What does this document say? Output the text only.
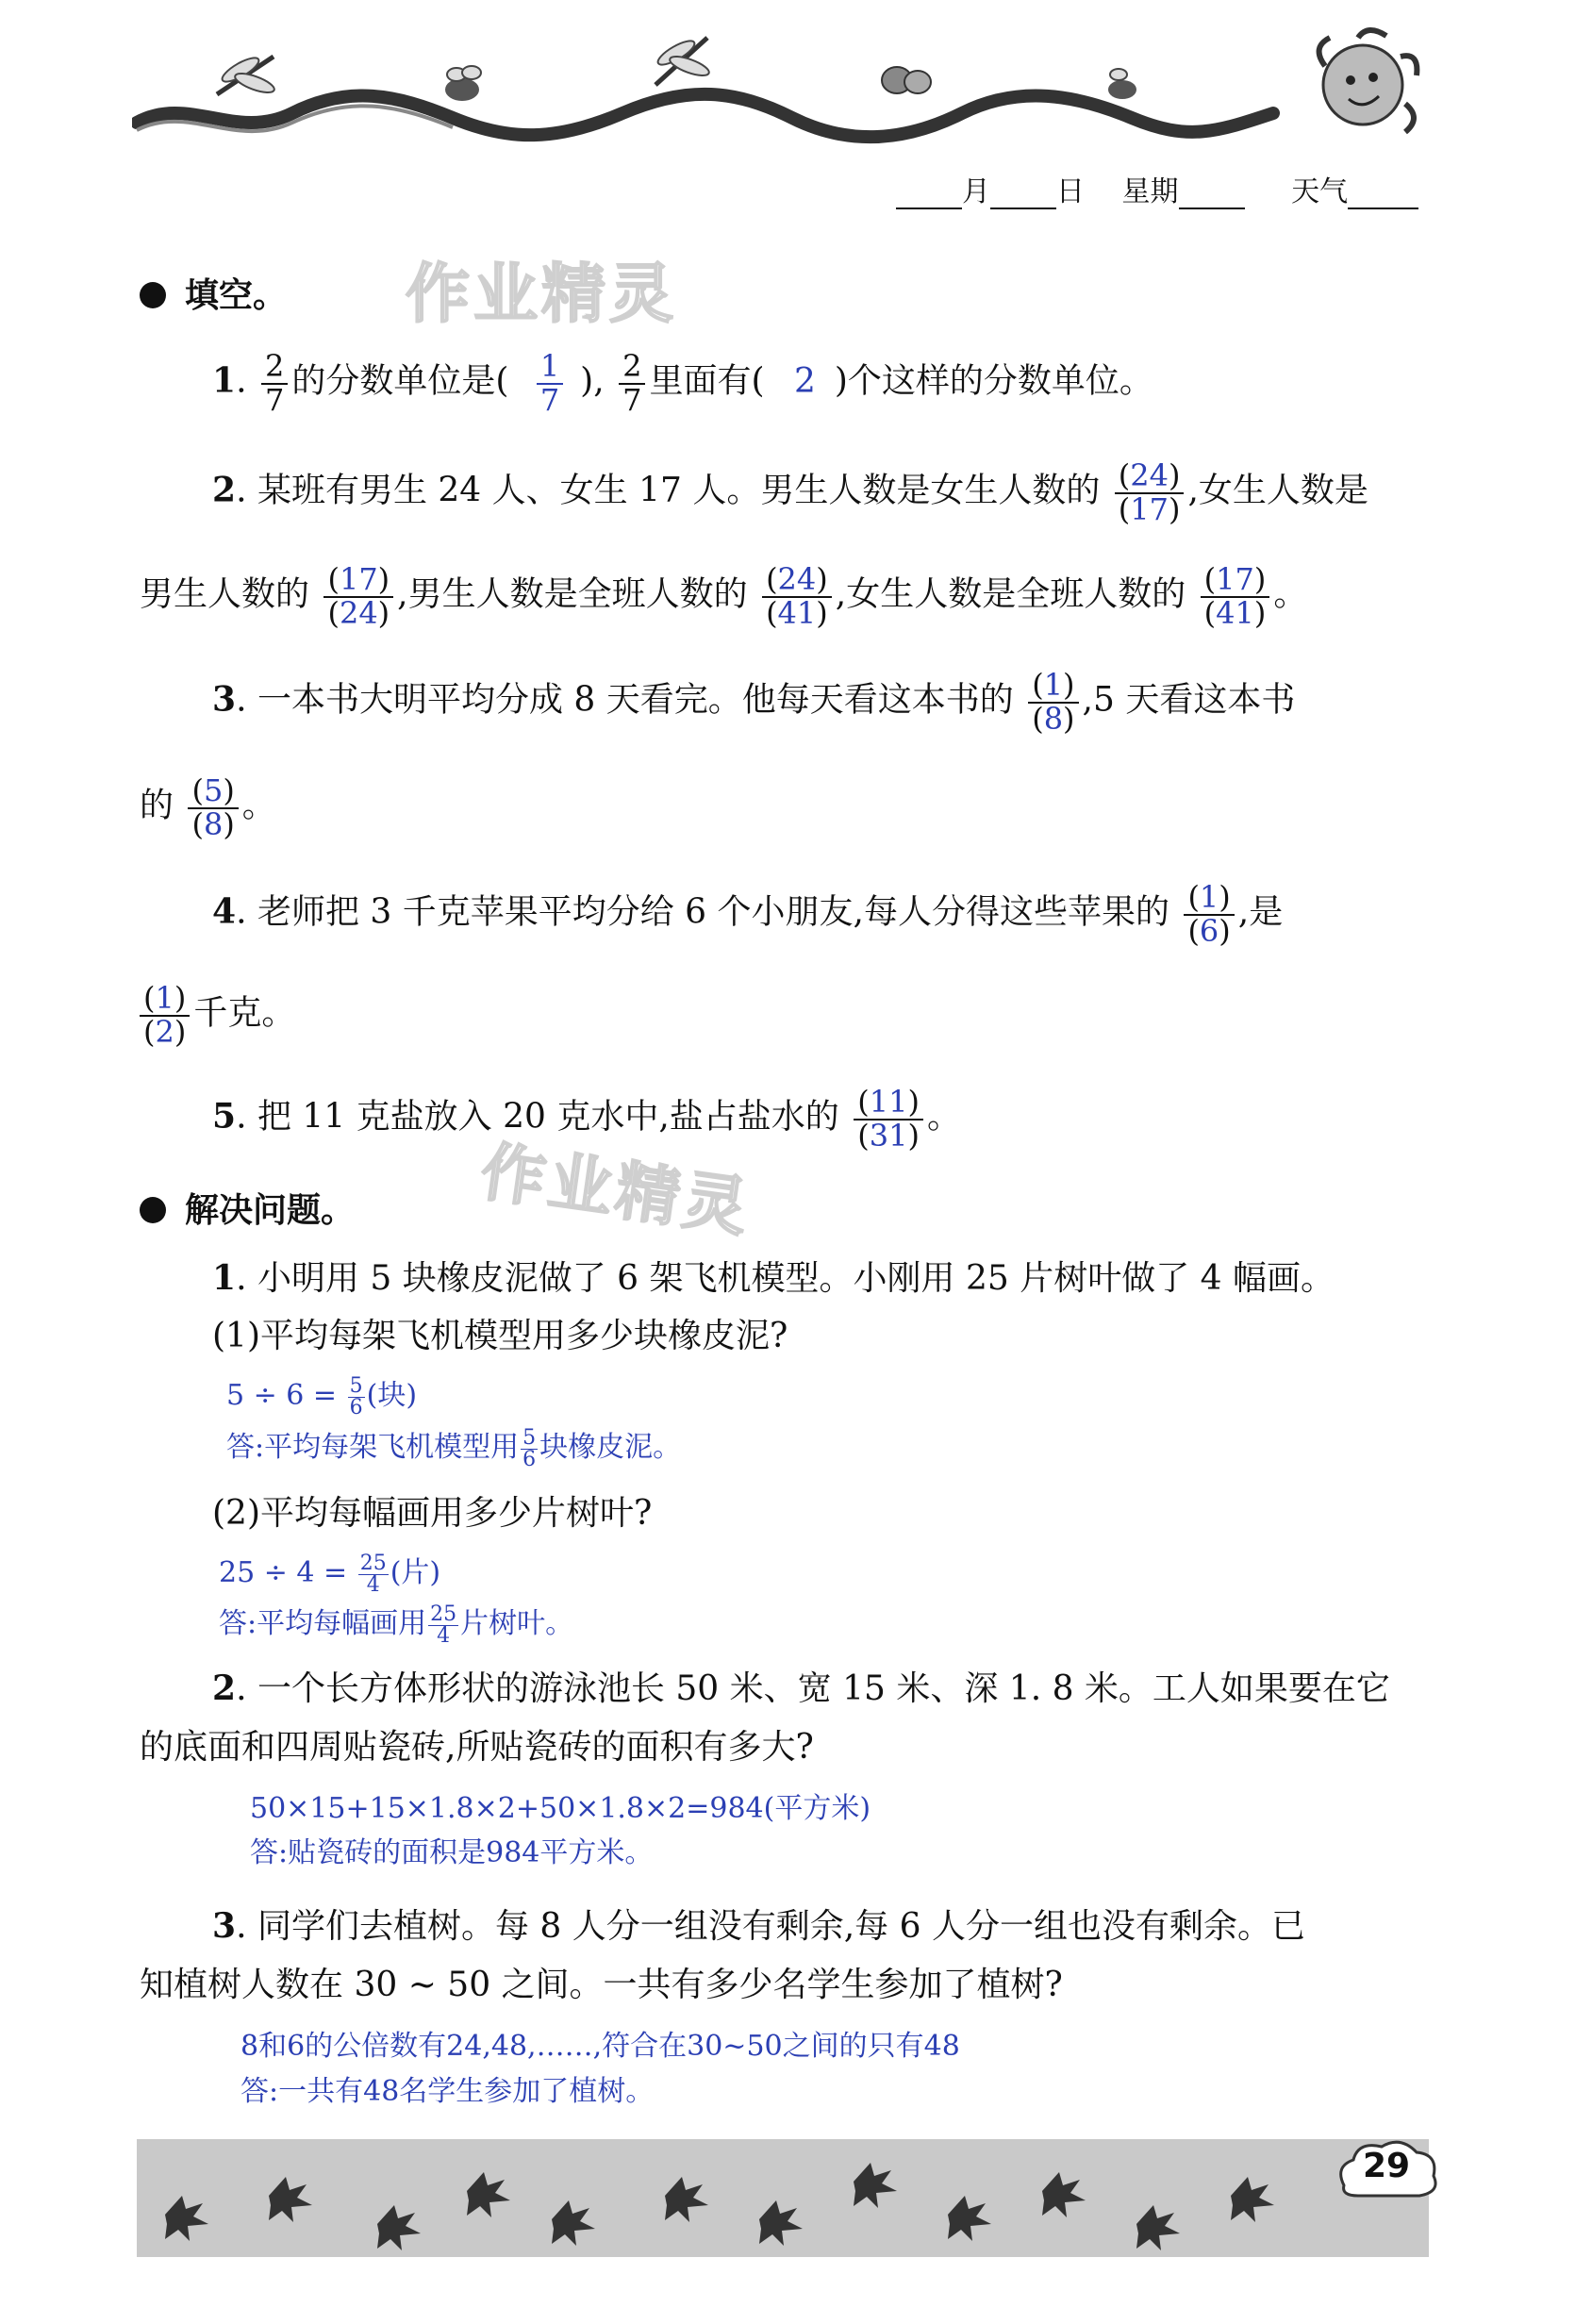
月 日 星期	天气
作业精灵
作业精灵
填空。
1. $\frac{2}{7}$ 的分数单位是( $\frac{1}{7}$ ), $\frac{2}{7}$ 里面有( 2 )个这样的分数单位。
2. 某班有男生 24 人、女生 17 人。男生人数是女生人数的 $\frac{(24)}{(17)}$ ,女生人数是
男生人数的 $\frac{(17)}{(24)}$ ,男生人数是全班人数的 $\frac{(24)}{(41)}$ ,女生人数是全班人数的 $\frac{(17)}{(41)}$ 。
3. 一本书大明平均分成 8 天看完。他每天看这本书的 $\frac{(1)}{(8)} ,5$ 天看这本书
的 $\frac{(5)}{(8)}$ 。
4. 老师把 3 千克苹果平均分给 6 个小朋友,每人分得这些苹果的 $\frac{(1)}{(6)}$ ,是
$\frac{(1)}{(2)}$ 千克。
5. 把 11 克盐放入 20 克水中,盐占盐水的 $\frac{(11)}{(31)}$ 。
解决问题。
1. 小明用 5 块橡皮泥做了 6 架飞机模型。小刚用 25 片树叶做了 4 幅画。
(1)平均每架飞机模型用多少块橡皮泥?
$5 \div 6 = \frac{5}{6}$ (块)
答:平均每架飞机模型用 $\frac{5}{6}$ 块橡皮泥。
(2)平均每幅画用多少片树叶?
$25 \div 4 = \frac{25}{4}$ (片)
答:平均每幅画用 $\frac{25}{4}$ 片树叶。
2. 一个长方体形状的游泳池长 50 米、宽 15 米、深 1. 8 米。工人如果要在它
的底面和四周贴瓷砖,所贴瓷砖的面积有多大?
50×15+15×1.8×2+50×1.8×2=984(平方米)
答:贴瓷砖的面积是984平方米。
3. 同学们去植树。每 8 人分一组没有剩余,每 6 人分一组也没有剩余。已
知植树人数在 30 ~ 50 之间。一共有多少名学生参加了植树?
8和6的公倍数有24,48,……,符合在30~50之间的只有48
答:一共有48名学生参加了植树。
29
